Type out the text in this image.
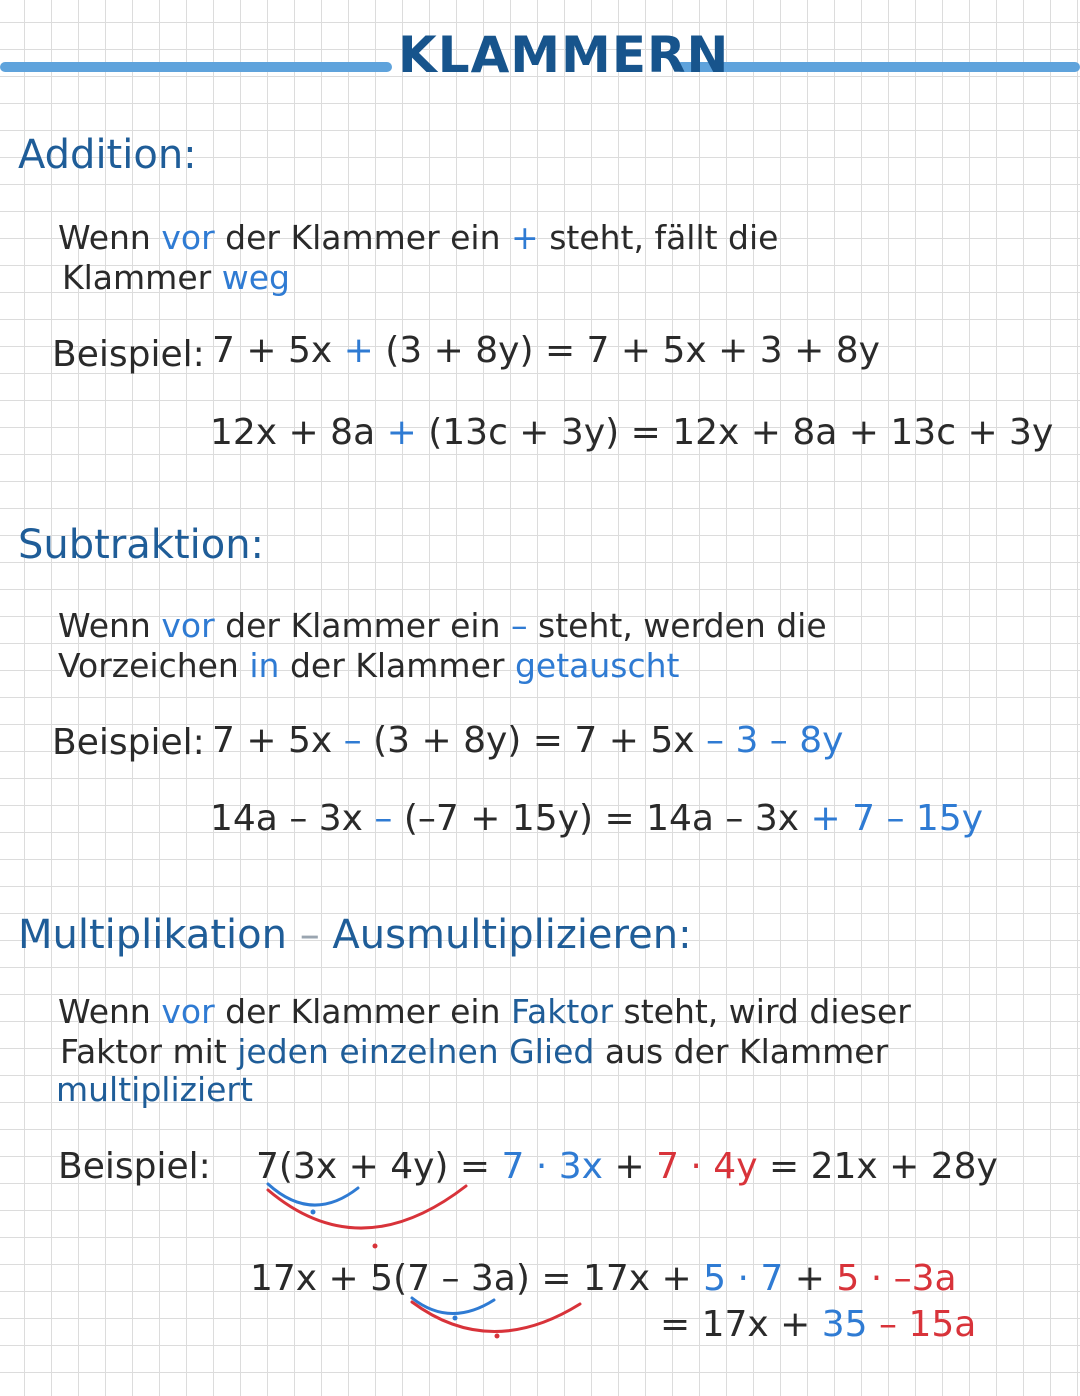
KLAMMERN
Addition:
Wenn vor der Klammer ein + steht, fällt die
Klammer weg
Beispiel: 7 + 5x + (3 + 8y) = 7 + 5x + 3 + 8y
12x + 8a + (13c + 3y) = 12x + 8a + 13c + 3y
Subtraktion:
Wenn vor der Klammer ein – steht, werden die
Vorzeichen in der Klammer getauscht
Beispiel: 7 + 5x – (3 + 8y) = 7 + 5x – 3 – 8y
14a – 3x – (–7 + 15y) = 14a – 3x + 7 – 15y
Multiplikation – Ausmultiplizieren:
Wenn vor der Klammer ein Faktor steht, wird dieser
Faktor mit jeden einzelnen Glied aus der Klammer
multipliziert
Beispiel: 7(3x + 4y) = 7 · 3x + 7 · 4y = 21x + 28y
17x + 5(7 – 3a) = 17x + 5 · 7 + 5 · –3a
= 17x + 35 – 15a
